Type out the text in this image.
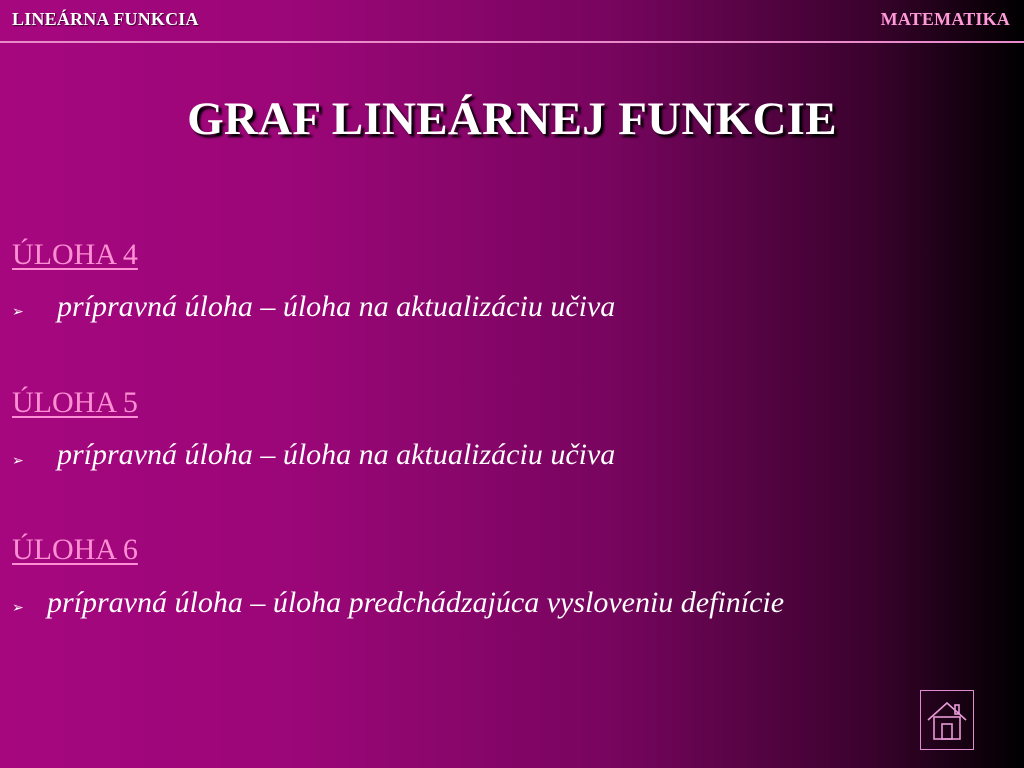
LINEÁRNA FUNKCIA	MATEMATIKA
GRAF LINEÁRNEJ FUNKCIE
ÚLOHA 4
➢ prípravná úloha – úloha na aktualizáciu učiva
ÚLOHA 5
➢ prípravná úloha – úloha na aktualizáciu učiva
ÚLOHA 6
➢ prípravná úloha – úloha predchádzajúca vysloveniu definície
